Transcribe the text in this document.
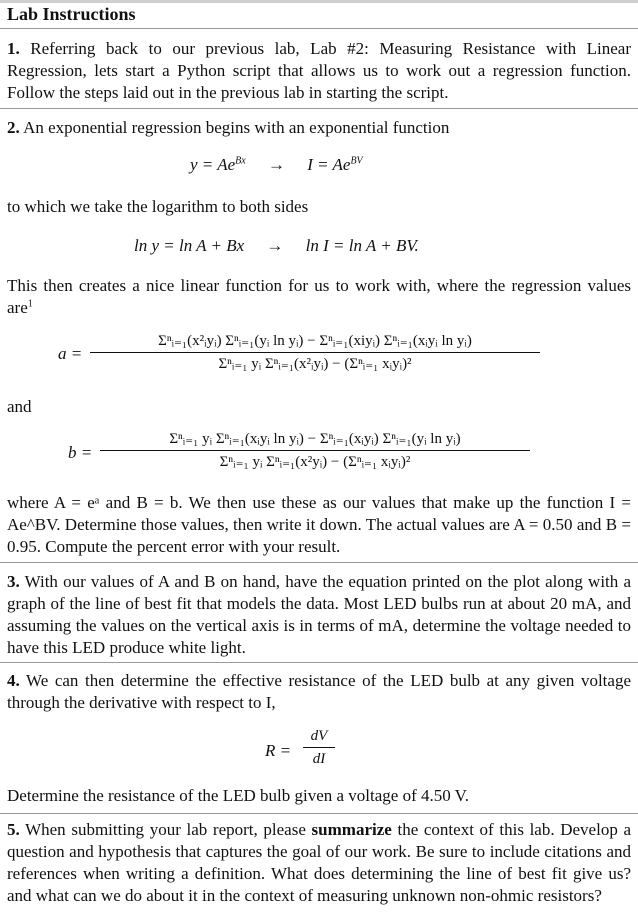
Lab Instructions
1. Referring back to our previous lab, Lab #2: Measuring Resistance with Linear Regression, lets start a Python script that allows us to work out a regression function. Follow the steps laid out in the previous lab in starting the script.
2. An exponential regression begins with an exponential function
$y = Ae^{Bx} \to I = Ae^{BV}$
to which we take the logarithm to both sides
ln y = ln A + Bx → ln I = ln A + BV.
This then creates a nice linear function for us to work with, where the regression values are$^1$
a =
Σⁿᵢ₌₁(x²ᵢyᵢ) Σⁿᵢ₌₁(yᵢ ln yᵢ) − Σⁿᵢ₌₁(xiyᵢ) Σⁿᵢ₌₁(xᵢyᵢ ln yᵢ)
Σⁿᵢ₌₁ yᵢ Σⁿᵢ₌₁(x²ᵢyᵢ) − (Σⁿᵢ₌₁ xᵢyᵢ)²
and
b =
Σⁿᵢ₌₁ yᵢ Σⁿᵢ₌₁(xᵢyᵢ ln yᵢ) − Σⁿᵢ₌₁(xᵢyᵢ) Σⁿᵢ₌₁(yᵢ ln yᵢ)
Σⁿᵢ₌₁ yᵢ Σⁿᵢ₌₁(x²yᵢ) − (Σⁿᵢ₌₁ xᵢyᵢ)²
where A = eᵃ and B = b. We then use these as our values that make up the function I = Ae^BV. Determine those values, then write it down. The actual values are A = 0.50 and B = 0.95. Compute the percent error with your result.
3. With our values of A and B on hand, have the equation printed on the plot along with a graph of the line of best fit that models the data. Most LED bulbs run at about 20 mA, and assuming the values on the vertical axis is in terms of mA, determine the voltage needed to have this LED produce white light.
4. We can then determine the effective resistance of the LED bulb at any given voltage through the derivative with respect to I,
R =
dV
dI
Determine the resistance of the LED bulb given a voltage of 4.50 V.
5. When submitting your lab report, please summarize the context of this lab. Develop a question and hypothesis that captures the goal of our work. Be sure to include citations and references when writing a definition. What does determining the line of best fit give us? and what can we do about it in the context of measuring unknown non-ohmic resistors?
